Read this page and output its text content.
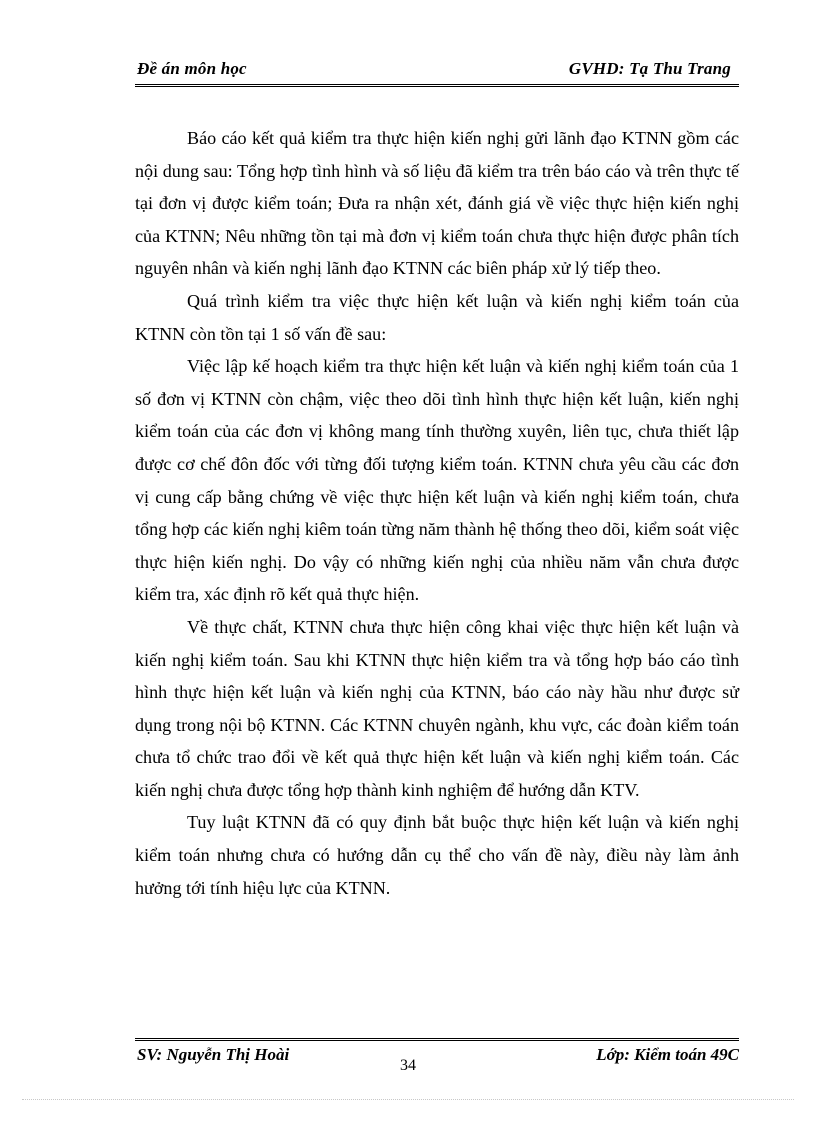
Đề án môn học	GVHD: Tạ Thu Trang

Báo cáo kết quả kiểm tra thực hiện kiến nghị gửi lãnh đạo KTNN gồm các nội dung sau: Tổng hợp tình hình và số liệu đã kiểm tra trên báo cáo và trên thực tế tại đơn vị được kiểm toán; Đưa ra nhận xét, đánh giá về việc thực hiện kiến nghị của KTNN; Nêu những tồn tại mà đơn vị kiểm toán chưa thực hiện được phân tích nguyên nhân và kiến nghị lãnh đạo KTNN các biên pháp xử lý tiếp theo.

Quá trình kiểm tra việc thực hiện kết luận và kiến nghị kiểm toán của KTNN còn tồn tại 1 số vấn đề sau:

Việc lập kế hoạch kiểm tra thực hiện kết luận và kiến nghị kiểm toán của 1 số đơn vị KTNN còn chậm, việc theo dõi tình hình thực hiện kết luận, kiến nghị kiểm toán của các đơn vị không mang tính thường xuyên, liên tục, chưa thiết lập được cơ chế đôn đốc với từng đối tượng kiểm toán. KTNN chưa yêu cầu các đơn vị cung cấp bằng chứng về việc thực hiện kết luận và kiến nghị kiểm toán, chưa tổng hợp các kiến nghị kiêm toán từng năm thành hệ thống theo dõi, kiểm soát việc thực hiện kiến nghị. Do vậy có những kiến nghị của nhiều năm vẫn chưa được kiểm tra, xác định rõ kết quả thực hiện.

Về thực chất, KTNN chưa thực hiện công khai việc thực hiện kết luận và kiến nghị kiểm toán. Sau khi KTNN thực hiện kiểm tra và tổng hợp báo cáo tình hình thực hiện kết luận và kiến nghị của KTNN, báo cáo này hầu như được sử dụng trong nội bộ KTNN. Các KTNN chuyên ngành, khu vực, các đoàn kiểm toán chưa tổ chức trao đổi về kết quả thực hiện kết luận và kiến nghị kiểm toán. Các kiến nghị chưa được tổng hợp thành kinh nghiệm để hướng dẫn KTV.

Tuy luật KTNN đã có quy định bắt buộc thực hiện kết luận và kiến nghị kiểm toán nhưng chưa có hướng dẫn cụ thể cho vấn đề này, điều này làm ảnh hưởng tới tính hiệu lực của KTNN.

SV: Nguyễn Thị Hoài	Lớp: Kiểm toán 49C
34
